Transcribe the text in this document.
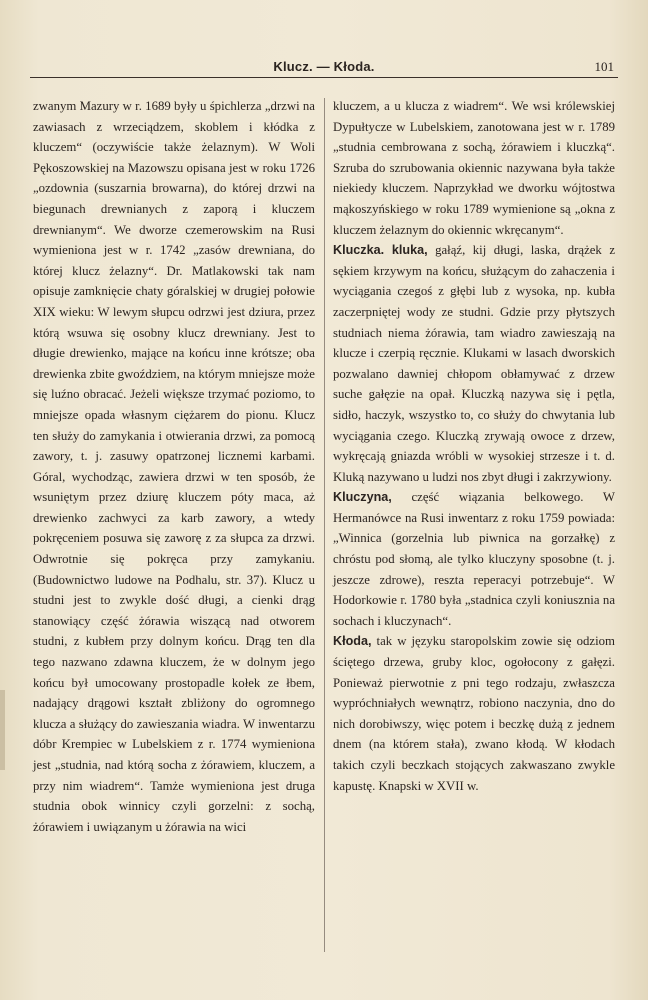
Klucz. — Kłoda.	101

zwanym Mazury w r. 1689 były u śpichlerza „drzwi na zawiasach z wrzeciądzem, skoblem i kłódka z kluczem“ (oczywiście także żelaznym). W Woli Pękoszowskiej na Mazowszu opisana jest w roku 1726 „ozdownia (suszarnia browarna), do której drzwi na biegunach drewnianych z zaporą i kluczem drewnianym“. We dworze czemerowskim na Rusi wymieniona jest w r. 1742 „zasów drewniana, do której klucz żelazny“. Dr. Matlakowski tak nam opisuje zamknięcie chaty góralskiej w drugiej połowie XIX wieku: W lewym słupcu odrzwi jest dziura, przez którą wsuwa się osobny klucz drewniany. Jest to długie drewienko, mające na końcu inne krótsze; oba drewienka zbite gwoździem, na którym mniejsze może się luźno obracać. Jeżeli większe trzymać poziomo, to mniejsze opada własnym ciężarem do pionu. Klucz ten służy do zamykania i otwierania drzwi, za pomocą zawory, t. j. zasuwy opatrzonej licznemi karbami. Góral, wychodząc, zawiera drzwi w ten sposób, że wsuniętym przez dziurę kluczem póty maca, aż drewienko zachwyci za karb zawory, a wtedy pokręceniem posuwa się zaworę z za słupca za drzwi. Odwrotnie się pokręca przy zamykaniu. (Budownictwo ludowe na Podhalu, str. 37). Klucz u studni jest to zwykle dość długi, a cienki drąg stanowiący część żórawia wiszącą nad otworem studni, z kubłem przy dolnym końcu. Drąg ten dla tego nazwano zdawna kluczem, że w dolnym jego końcu był umocowany prostopadle kołek ze łbem, nadający drągowi kształt zbliżony do ogromnego klucza a służący do zawieszania wiadra. W inwentarzu dóbr Krempiec w Lubelskiem z r. 1774 wymieniona jest „studnia, nad którą socha z żórawiem, kluczem, a przy nim wiadrem“. Tamże wymieniona jest druga studnia obok winnicy czyli gorzelni: z sochą, żórawiem i uwiązanym u żórawia na wici

kluczem, a u klucza z wiadrem“. We wsi królewskiej Dypułtycze w Lubelskiem, zanotowana jest w r. 1789 „studnia cembrowana z sochą, żórawiem i kluczką“. Szruba do szrubowania okiennic nazywana była także niekiedy kluczem. Naprzykład we dworku wójtostwa mąkoszyńskiego w roku 1789 wymienione są „okna z kluczem żelaznym do okiennic wkręcanym“.

Kluczka. kluka, gałąź, kij długi, laska, drążek z sękiem krzywym na końcu, służącym do zahaczenia i wyciągania czegoś z głębi lub z wysoka, np. kubła zaczerpniętej wody ze studni. Gdzie przy płytszych studniach niema żórawia, tam wiadro zawieszają na klucze i czerpią ręcznie. Klukami w lasach dworskich pozwalano dawniej chłopom obłamywać z drzew suche gałęzie na opał. Kluczką nazywa się i pętla, sidło, haczyk, wszystko to, co służy do chwytania lub wyciągania czego. Kluczką zrywają owoce z drzew, wykręcają gniazda wróbli w wysokiej strzesze i t. d. Kluką nazywano u ludzi nos zbyt długi i zakrzywiony.

Kluczyna, część wiązania belkowego. W Hermanówce na Rusi inwentarz z roku 1759 powiada: „Winnica (gorzelnia lub piwnica na gorzałkę) z chróstu pod słomą, ale tylko kluczyny sposobne (t. j. jeszcze zdrowe), reszta reperacyi potrzebuje“. W Hodorkowie r. 1780 była „stadnica czyli koniusznia na sochach i kluczynach“.

Kłoda, tak w języku staropolskim zowie się odziom ściętego drzewa, gruby kloc, ogołocony z gałęzi. Ponieważ pierwotnie z pni tego rodzaju, zwłaszcza wypróchniałych wewnątrz, robiono naczynia, dno do nich dorobiwszy, więc potem i beczkę dużą z jednem dnem (na którem stała), zwano kłodą. W kłodach takich czyli beczkach stojących zakwaszano zwykle kapustę. Knapski w XVII w.
